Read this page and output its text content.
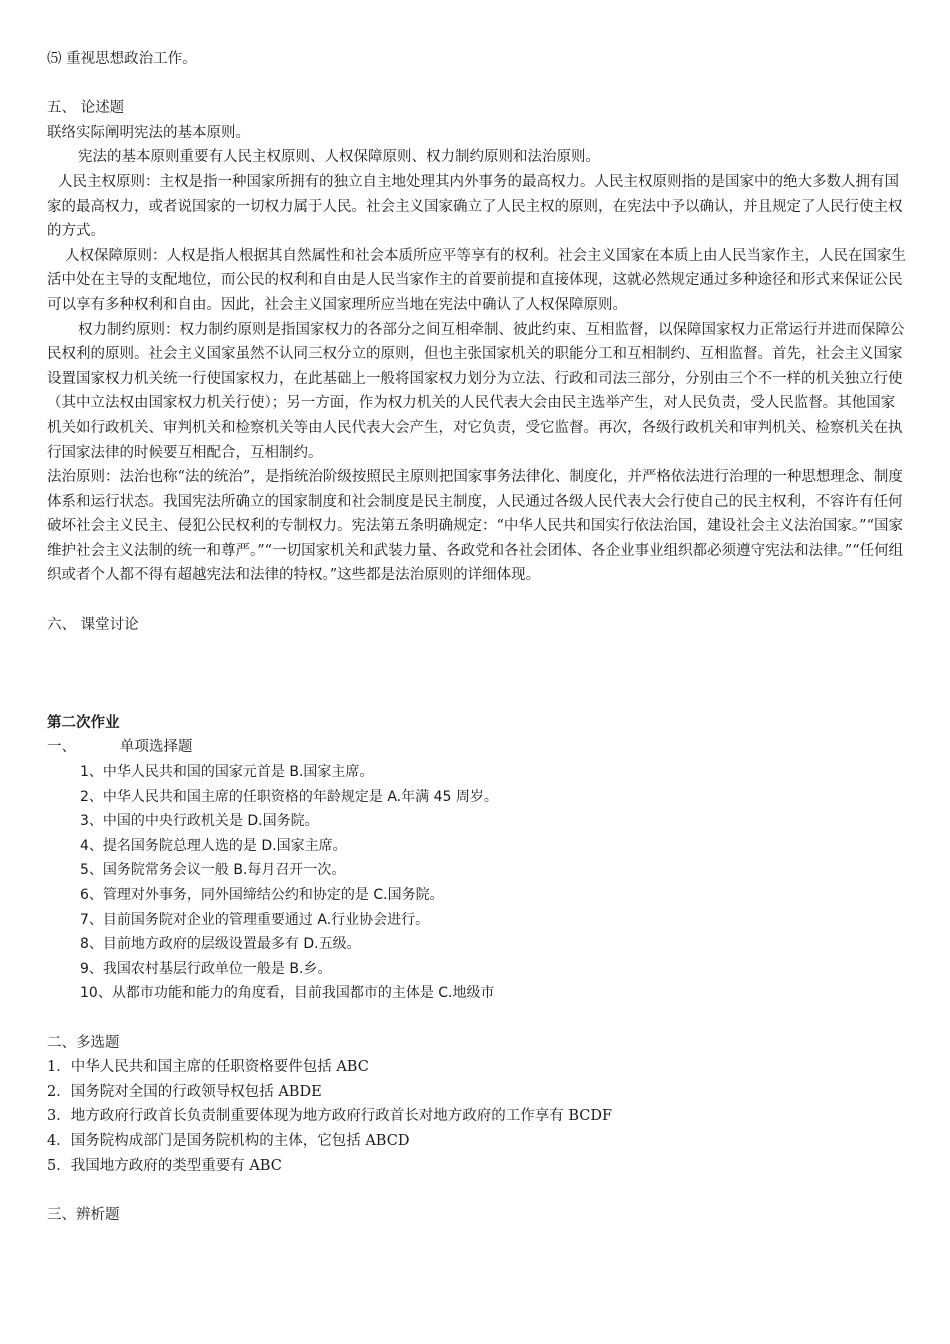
⑸ 重视思想政治工作。

五、 论述题

联络实际阐明宪法的基本原则。

宪法的基本原则重要有人民主权原则、人权保障原则、权力制约原则和法治原则。

人民主权原则：主权是指一种国家所拥有的独立自主地处理其内外事务的最高权力。人民主权原则指的是国家中的绝大多数人拥有国家的最高权力，或者说国家的一切权力属于人民。社会主义国家确立了人民主权的原则，在宪法中予以确认，并且规定了人民行使主权的方式。

人权保障原则：人权是指人根据其自然属性和社会本质所应平等享有的权利。社会主义国家在本质上由人民当家作主，人民在国家生活中处在主导的支配地位，而公民的权利和自由是人民当家作主的首要前提和直接体现，这就必然规定通过多种途径和形式来保证公民可以享有多种权利和自由。因此，社会主义国家理所应当地在宪法中确认了人权保障原则。

权力制约原则：权力制约原则是指国家权力的各部分之间互相牵制、彼此约束、互相监督，以保障国家权力正常运行并进而保障公民权利的原则。社会主义国家虽然不认同三权分立的原则，但也主张国家机关的职能分工和互相制约、互相监督。首先，社会主义国家设置国家权力机关统一行使国家权力，在此基础上一般将国家权力划分为立法、行政和司法三部分，分别由三个不一样的机关独立行使（其中立法权由国家权力机关行使）；另一方面，作为权力机关的人民代表大会由民主选举产生，对人民负责，受人民监督。其他国家机关如行政机关、审判机关和检察机关等由人民代表大会产生，对它负责，受它监督。再次，各级行政机关和审判机关、检察机关在执行国家法律的时候要互相配合，互相制约。

法治原则：法治也称“法的统治”，是指统治阶级按照民主原则把国家事务法律化、制度化，并严格依法进行治理的一种思想理念、制度体系和运行状态。我国宪法所确立的国家制度和社会制度是民主制度，人民通过各级人民代表大会行使自己的民主权利，不容许有任何破坏社会主义民主、侵犯公民权利的专制权力。宪法第五条明确规定：“中华人民共和国实行依法治国，建设社会主义法治国家。”“国家维护社会主义法制的统一和尊严。”“一切国家机关和武装力量、各政党和各社会团体、各企业事业组织都必须遵守宪法和法律。”“任何组织或者个人都不得有超越宪法和法律的特权。”这些都是法治原则的详细体现。

六、 课堂讨论

第二次作业

一、	单项选择题

1、中华人民共和国的国家元首是 B.国家主席。

2、中华人民共和国主席的任职资格的年龄规定是 A.年满 45 周岁。

3、中国的中央行政机关是 D.国务院。

4、提名国务院总理人选的是 D.国家主席。

5、国务院常务会议一般 B.每月召开一次。

6、管理对外事务，同外国缔结公约和协定的是 C.国务院。

7、目前国务院对企业的管理重要通过 A.行业协会进行。

8、目前地方政府的层级设置最多有 D.五级。

9、我国农村基层行政单位一般是 B.乡。

10、从都市功能和能力的角度看，目前我国都市的主体是 C.地级市

二、多选题

1．中华人民共和国主席的任职资格要件包括 ABC

2．国务院对全国的行政领导权包括 ABDE

3．地方政府行政首长负责制重要体现为地方政府行政首长对地方政府的工作享有 BCDF

4．国务院构成部门是国务院机构的主体，它包括 ABCD

5．我国地方政府的类型重要有 ABC

三、辨析题
